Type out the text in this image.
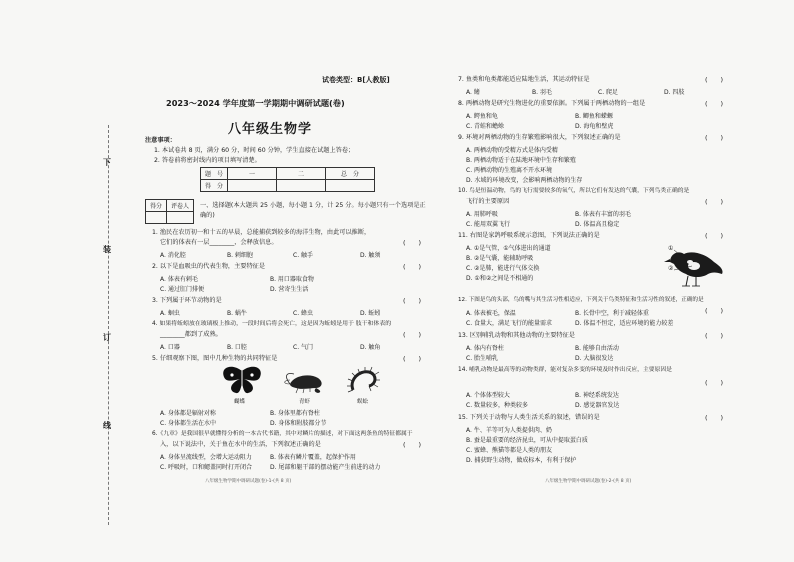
下
装
订
线
试卷类型：B[人教版]
2023～2024 学年度第一学期期中调研试题(卷)
八年级生物学
注意事项：
1. 本试卷共 8 页，满分 60 分，时间 60 分钟，学生直接在试题上答卷；
2. 答卷前将密封线内的项目填写清楚。
题　号	一	二	总　分
得　分			
得分	评卷人
	一、选择题(本大题共 25 小题，每小题 1 分，计 25 分。每小题只有一个选项是正
确的)
1. 渔民在农历初一和十五的早晨，总能捕获到较多的海洋生物，由此可以推断，
它们的体表有一层________，会释放信息。	(　　)
A. 消化腔	B. 刺细胞	C. 触手	D. 触须
2. 以下是血吸虫的代表生物，主要特征是	(　　)
A. 体表有刺毛	B. 用口器取食物
C. 通过肛门排便	D. 营寄生生活
3. 下列属于环节动物的是	(　　)
A. 蛔虫	B. 蜗牛	C. 蜂虫	D. 蚯蚓
4. 如果将蚯蚓放在玻璃板上推动，一段时间后将会死亡，这是因为蚯蚓是用于 肢干和体表的
________都到了成熟。	(　　)
A. 口器	B. 口腔	C. 气门	D. 触角
5. 仔细观察下图，图中几种生物的共同特征是	(　　)
蝴蝶	青虾	蜈蚣
A. 身体都是辐射对称	B. 身体里都有脊柱
C. 身体都生活在水中	D. 身体和附肢都分节
6.《九章》是我国很早就懂得分析的一本古代书籍，其中对鳞片的描述，对下面这两条鱼的特征都属于
入，以下说法中，关于鱼在水中的生活，下列叙述正确的是	(　　)
A. 身体呈流线型，会增大运动阻力	B. 体表有鳞片覆盖，起保护作用
C. 呼吸时，口和鳃盖同时打开闭合	D. 尾部和躯干部的摆动能产生前进的动力
八年级生物学期中调研试题(卷)-1-(共 8 页)
7. 鱼类和龟类都能适应陆地生活，其运动特征是	(　　)
A. 鳍	B. 羽毛	C. 爬足	D. 四肢
8. 两栖动物是研究生物进化的重要依据。下列属于两栖动物的一组是	(　　)
A. 鳄鱼和龟	B. 鲫鱼和蝾螈
C. 青蛙和蟾蜍	D. 海龟和壁虎
9. 环境对两栖动物的生存繁殖影响很大，下列叙述正确的是	(　　)
A. 两栖动物的受精方式是体内受精
B. 两栖动物适于在陆地环境中生存和繁殖
C. 两栖动物的生殖离不开水环境
D. 水域的环境改变，会影响两栖动物的生存
10. 鸟是恒温动物，鸟的飞行需要较多的氧气，所以它们有发达的气囊，下列鸟类正确的是
飞行的主要原因	(　　)
A. 用肺呼吸	B. 体表有丰富的羽毛
C. 能用双翼飞行	D. 体温高且稳定
11. 右图是家鸽呼吸系统示意图，下列说法正确的是	(　　)
A. ①是气管，①气体进出的通道
B. ②是气囊，能辅助呼吸
C. ②是肺，能进行气体交换
D. ①和②之间是不相通的
①
②
12. 下图是鸟的头部，鸟的嘴与其生活习性相适应，下列关于鸟类特征和生活习性的叙述，正确的是
(　　)
A. 体表被毛，保温	B. 长骨中空，利于减轻体重
C. 食量大，满足飞行的能量需求	D. 体温不恒定，适应环境的能力较差
13. 区别哺乳动物和其他动物的主要特征是	(　　)
A. 体内有脊柱	B. 能够自由活动
C. 胎生哺乳	D. 大脑很发达
14. 哺乳动物是最高等的动物类群，能对复杂多变的环境及时作出反应，主要原因是
(　　)
A. 个体体型较大	B. 神经系统发达
C. 数量较多，种类较多	D. 感觉器官发达
15. 下列关于动物与人类生活关系的叙述，错误的是	(　　)
A. 牛、羊等可为人类提供肉、奶
B. 蚕是最重要的经济昆虫，可从中提取蛋白质
C. 蜜蜂、熊猫等都是人类的朋友
D. 捕获野生动物，做成标本，有利于保护
八年级生物学期中调研试题(卷)-2-(共 8 页)
